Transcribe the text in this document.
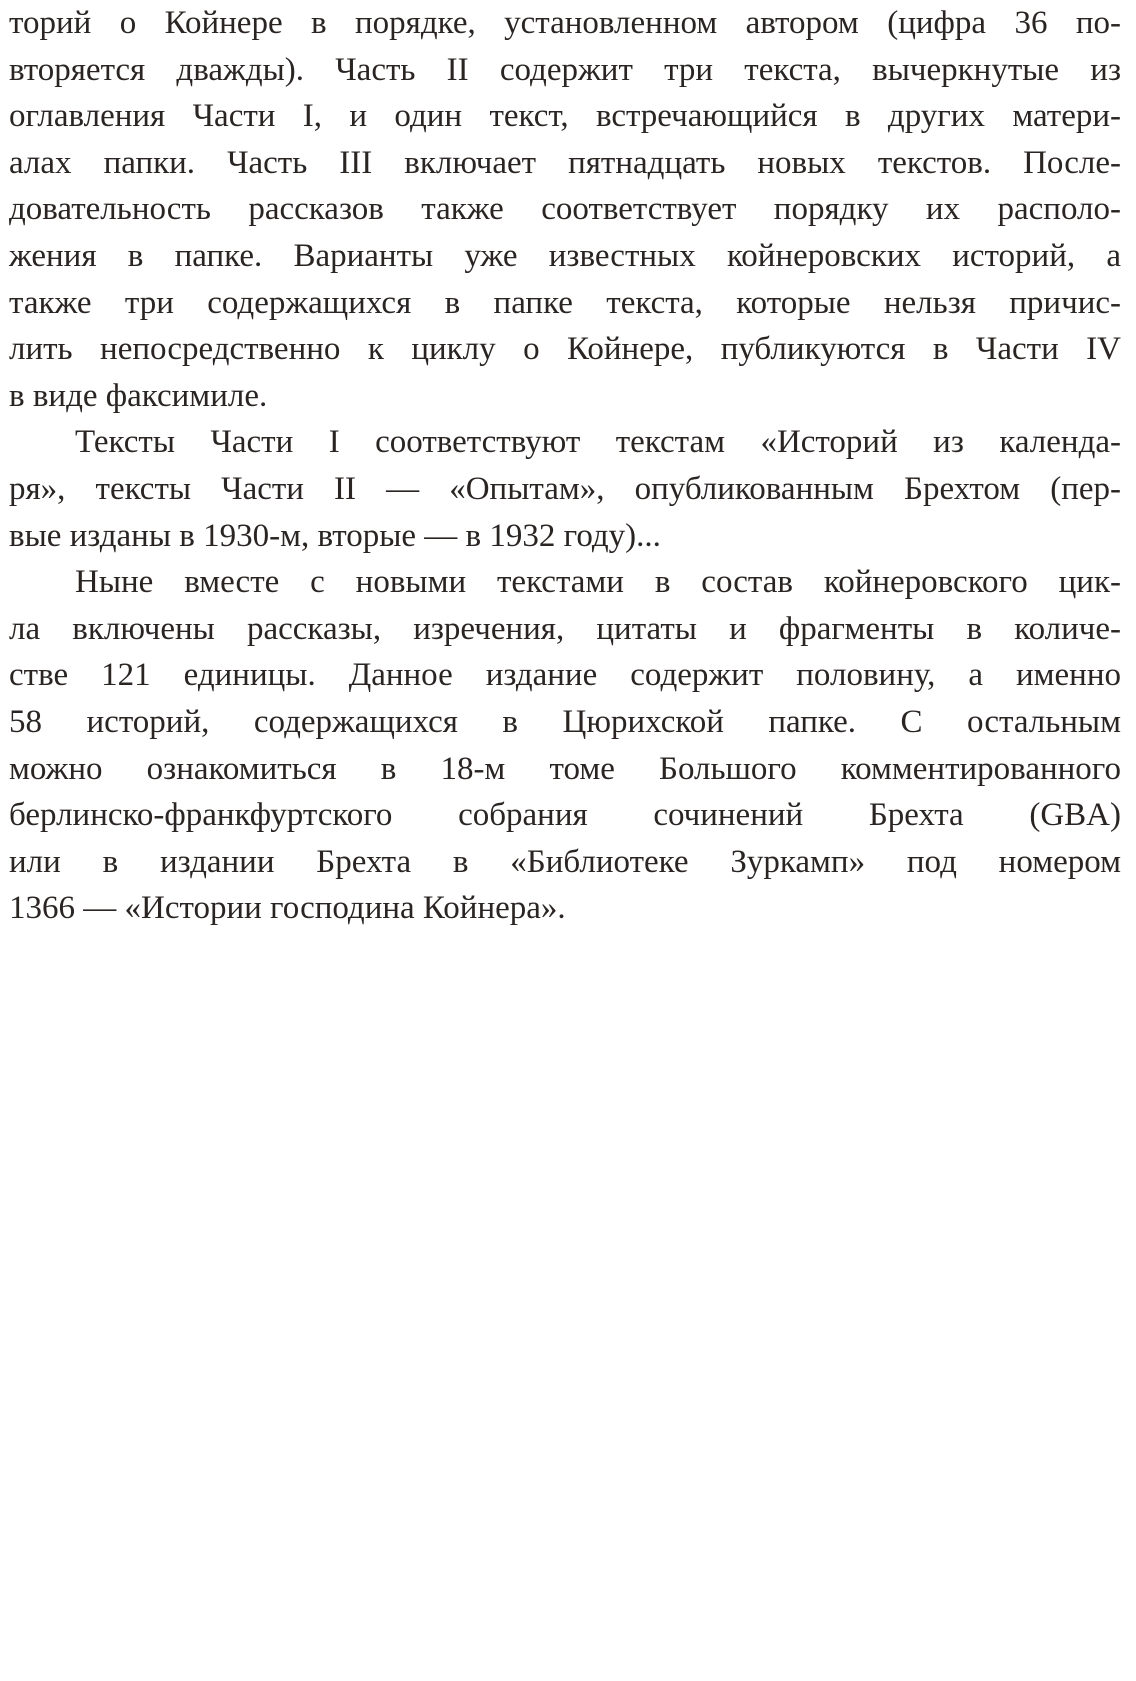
торий о Койнере в порядке, установленном автором (цифра 36 по-
вторяется дважды). Часть II содержит три текста, вычеркнутые из
оглавления Части I, и один текст, встречающийся в других матери-
алах папки. Часть III включает пятнадцать новых текстов. После-
довательность рассказов также соответствует порядку их располо-
жения в папке. Варианты уже известных койнеровских историй, а
также три содержащихся в папке текста, которые нельзя причис-
лить непосредственно к циклу о Койнере, публикуются в Части IV
в виде факсимиле.
Тексты Части I соответствуют текстам «Историй из календа-
ря», тексты Части II — «Опытам», опубликованным Брехтом (пер-
вые изданы в 1930-м, вторые — в 1932 году)...
Ныне вместе с новыми текстами в состав койнеровского цик-
ла включены рассказы, изречения, цитаты и фрагменты в количе-
стве 121 единицы. Данное издание содержит половину, а именно
58 историй, содержащихся в Цюрихской папке. С остальным
можно ознакомиться в 18-м томе Большого комментированного
берлинско-франкфуртского собрания сочинений Брехта (GBA)
или в издании Брехта в «Библиотеке Зуркамп» под номером
1366 — «Истории господина Койнера».
